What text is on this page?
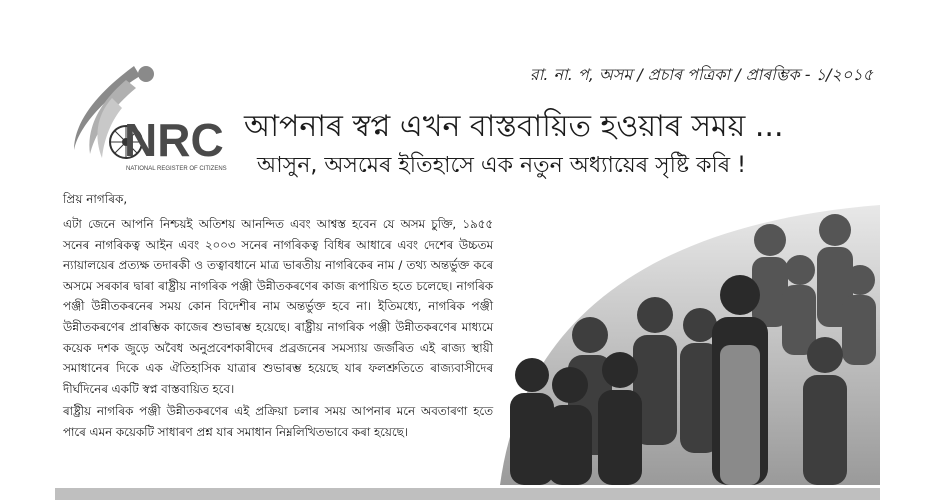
রা. না. প, অসম / প্ৰচাৰ পত্ৰিকা / প্ৰাৰম্ভিক - ১/২০১৫
NRC
NATIONAL REGISTER OF CITIZENS
আপনাৰ স্বপ্ন এখন বাস্তবায়িত হওয়াৰ সময় ...
আসুন, অসমেৰ ইতিহাসে এক নতুন অধ্যায়েৰ সৃষ্টি কৰি !
প্ৰিয় নাগৰিক,

এটা জেনে আপনি নিশ্চয়ই অতিশয় আনন্দিত এবং আশ্বস্ত হবেন যে অসম চুক্তি, ১৯৫৫ সনেৰ নাগৰিকত্ব আইন এবং ২০০৩ সনেৰ নাগৰিকত্ব বিধিৰ আধাৰে এবং দেশেৰ উচ্চতম ন্যায়ালয়েৰ প্ৰত্যক্ষ তদাৰকী ও তত্বাবধানে মাত্ৰ ভাৰতীয় নাগৰিকেৰ নাম / তথ্য অন্তৰ্ভুক্ত কৰে অসমে সৰকাৰ দ্বাৰা ৰাষ্ট্ৰীয় নাগৰিক পঞ্জী উন্নীতকৰণেৰ কাজ ৰূপায়িত হতে চলেছে। নাগৰিক পঞ্জী উন্নীতকৰনেৰ সময় কোন বিদেশীৰ নাম অন্তৰ্ভুক্ত হবে না। ইতিমধ্যে, নাগৰিক পঞ্জী উন্নীতকৰণেৰ প্ৰাৰম্ভিক কাজেৰ শুভাৰম্ভ হয়েছে। ৰাষ্ট্ৰীয় নাগৰিক পঞ্জী উন্নীতকৰণেৰ মাধ্যমে কয়েক দশক জুড়ে অবৈধ অনুপ্ৰবেশকাৰীদেৰ প্ৰব্ৰজনেৰ সমস্যায় জৰ্জৰিত এই ৰাজ্য স্থায়ী সমাধানেৰ দিকে এক ঐতিহাসিক যাত্ৰাৰ শুভাৰম্ভ হয়েছে যাৰ ফলশ্ৰুতিতে ৰাজ্যবাসীদেৰ দীৰ্ঘদিনেৰ একটি স্বপ্ন বাস্তবায়িত হবে।

ৰাষ্ট্ৰীয় নাগৰিক পঞ্জী উন্নীতকৰণেৰ এই প্ৰক্ৰিয়া চলাৰ সময় আপনাৰ মনে অবতাৰণা হতে পাৰে এমন কয়েকটি সাধাৰণ প্ৰশ্ন যাৰ সমাধান নিম্নলিখিতভাবে কৰা হয়েছে।
